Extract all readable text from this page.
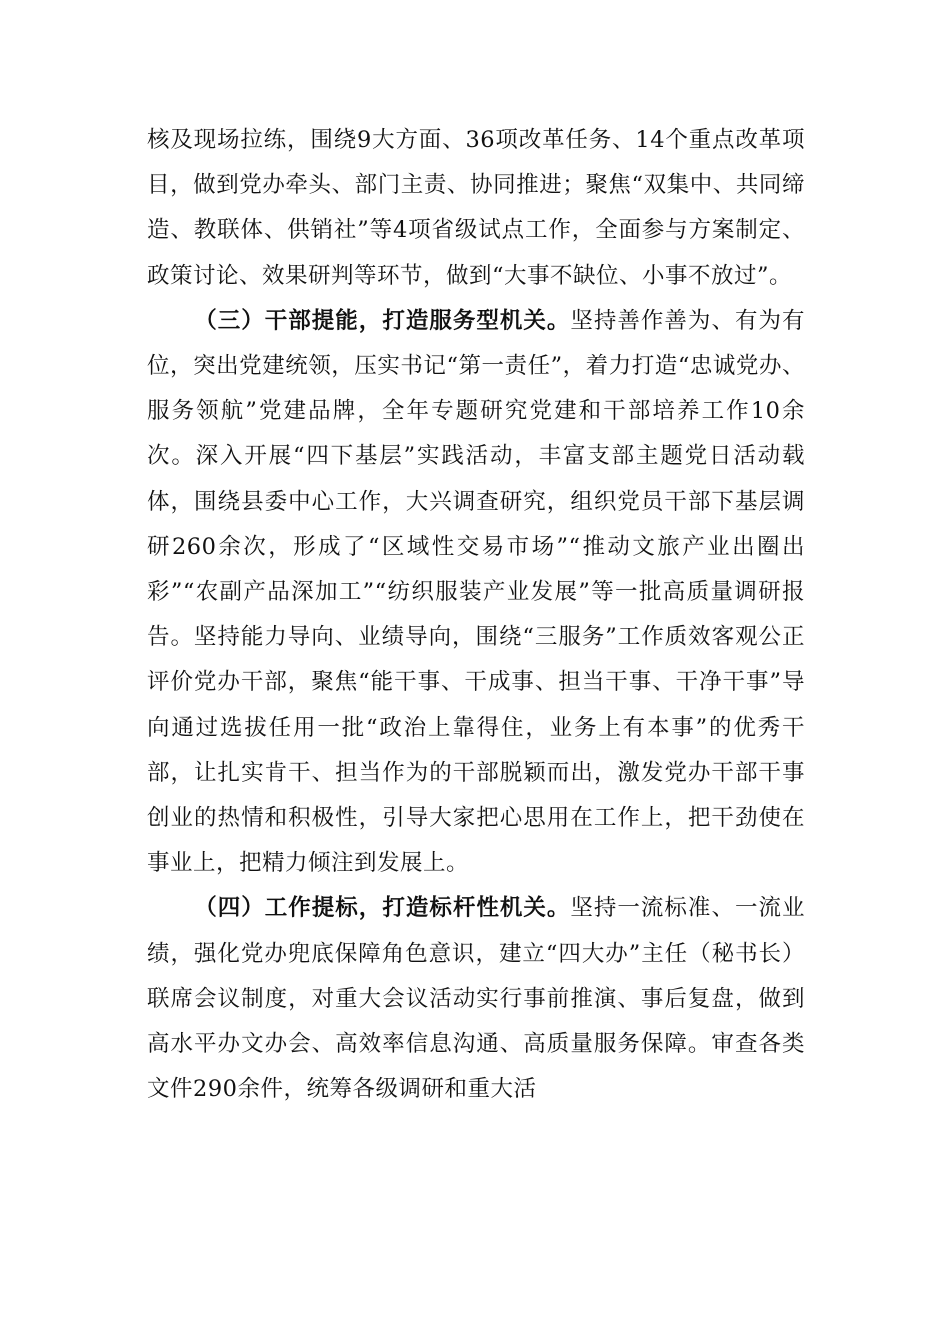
核及现场拉练，围绕9大方面、36项改革任务、14个重点改革项目，做到党办牵头、部门主责、协同推进；聚焦“双集中、共同缔造、教联体、供销社”等4项省级试点工作，全面参与方案制定、政策讨论、效果研判等环节，做到“大事不缺位、小事不放过”。

（三）干部提能，打造服务型机关。坚持善作善为、有为有位，突出党建统领，压实书记“第一责任”，着力打造“忠诚党办、服务领航”党建品牌，全年专题研究党建和干部培养工作10余次。深入开展“四下基层”实践活动，丰富支部主题党日活动载体，围绕县委中心工作，大兴调查研究，组织党员干部下基层调研260余次，形成了“区域性交易市场”“推动文旅产业出圈出彩”“农副产品深加工”“纺织服装产业发展”等一批高质量调研报告。坚持能力导向、业绩导向，围绕“三服务”工作质效客观公正评价党办干部，聚焦“能干事、干成事、担当干事、干净干事”导向通过选拔任用一批“政治上靠得住，业务上有本事”的优秀干部，让扎实肯干、担当作为的干部脱颖而出，激发党办干部干事创业的热情和积极性，引导大家把心思用在工作上，把干劲使在事业上，把精力倾注到发展上。

（四）工作提标，打造标杆性机关。坚持一流标准、一流业绩，强化党办兜底保障角色意识，建立“四大办”主任（秘书长）联席会议制度，对重大会议活动实行事前推演、事后复盘，做到高水平办文办会、高效率信息沟通、高质量服务保障。审查各类文件290余件，统筹各级调研和重大活
